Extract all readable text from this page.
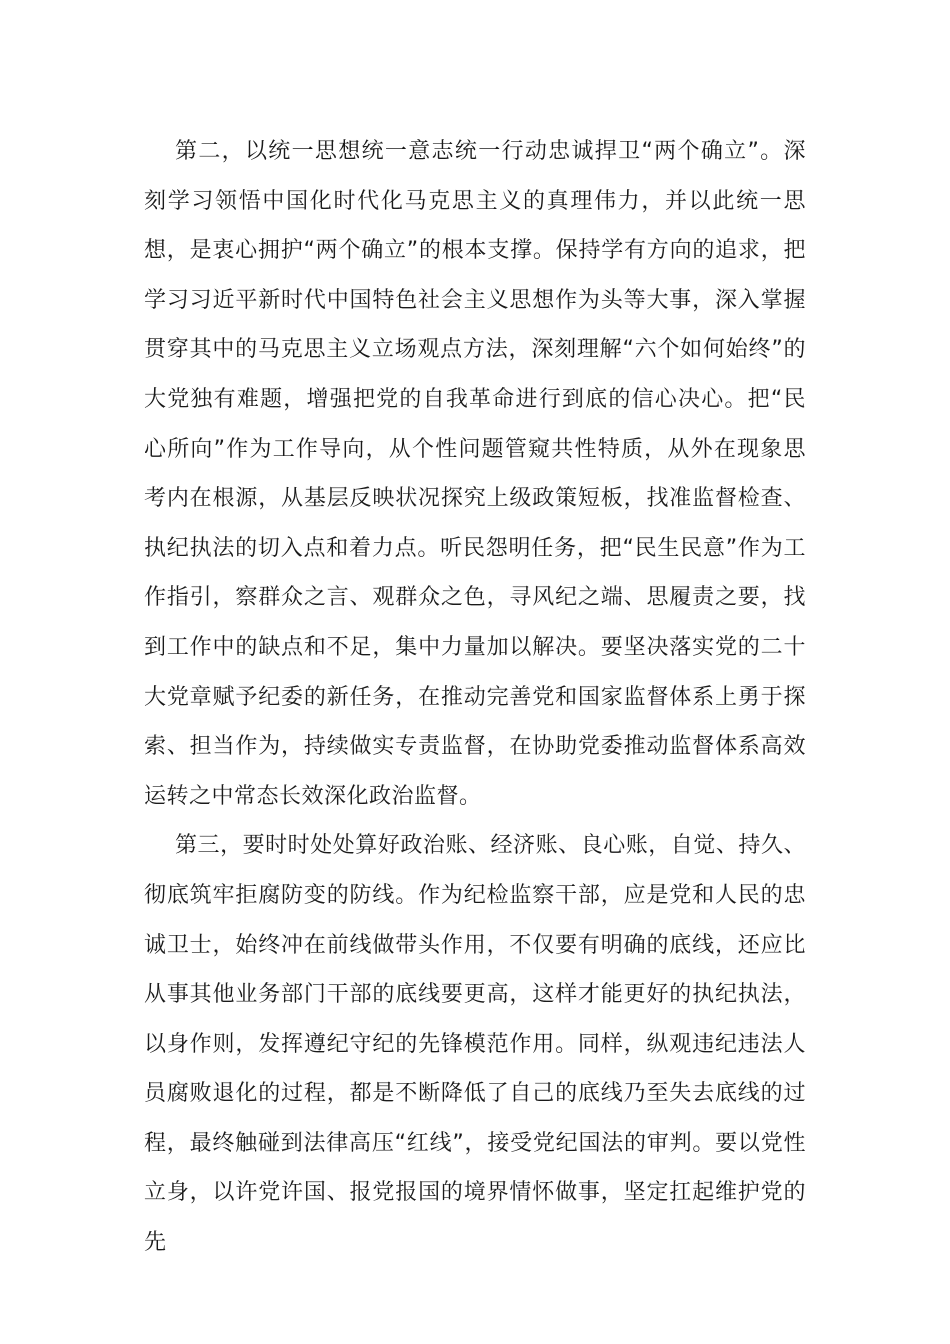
第二，以统一思想统一意志统一行动忠诚捍卫“两个确立”。深刻学习领悟中国化时代化马克思主义的真理伟力，并以此统一思想，是衷心拥护“两个确立”的根本支撑。保持学有方向的追求，把学习习近平新时代中国特色社会主义思想作为头等大事，深入掌握贯穿其中的马克思主义立场观点方法，深刻理解“六个如何始终”的大党独有难题，增强把党的自我革命进行到底的信心决心。把“民心所向”作为工作导向，从个性问题管窥共性特质，从外在现象思考内在根源，从基层反映状况探究上级政策短板，找准监督检查、执纪执法的切入点和着力点。听民怨明任务，把“民生民意”作为工作指引，察群众之言、观群众之色，寻风纪之端、思履责之要，找到工作中的缺点和不足，集中力量加以解决。要坚决落实党的二十大党章赋予纪委的新任务，在推动完善党和国家监督体系上勇于探索、担当作为，持续做实专责监督，在协助党委推动监督体系高效运转之中常态长效深化政治监督。

第三，要时时处处算好政治账、经济账、良心账，自觉、持久、彻底筑牢拒腐防变的防线。作为纪检监察干部，应是党和人民的忠诚卫士，始终冲在前线做带头作用，不仅要有明确的底线，还应比从事其他业务部门干部的底线要更高，这样才能更好的执纪执法，以身作则，发挥遵纪守纪的先锋模范作用。同样，纵观违纪违法人员腐败退化的过程，都是不断降低了自己的底线乃至失去底线的过程，最终触碰到法律高压“红线”，接受党纪国法的审判。要以党性立身，以许党许国、报党报国的境界情怀做事，坚定扛起维护党的先
